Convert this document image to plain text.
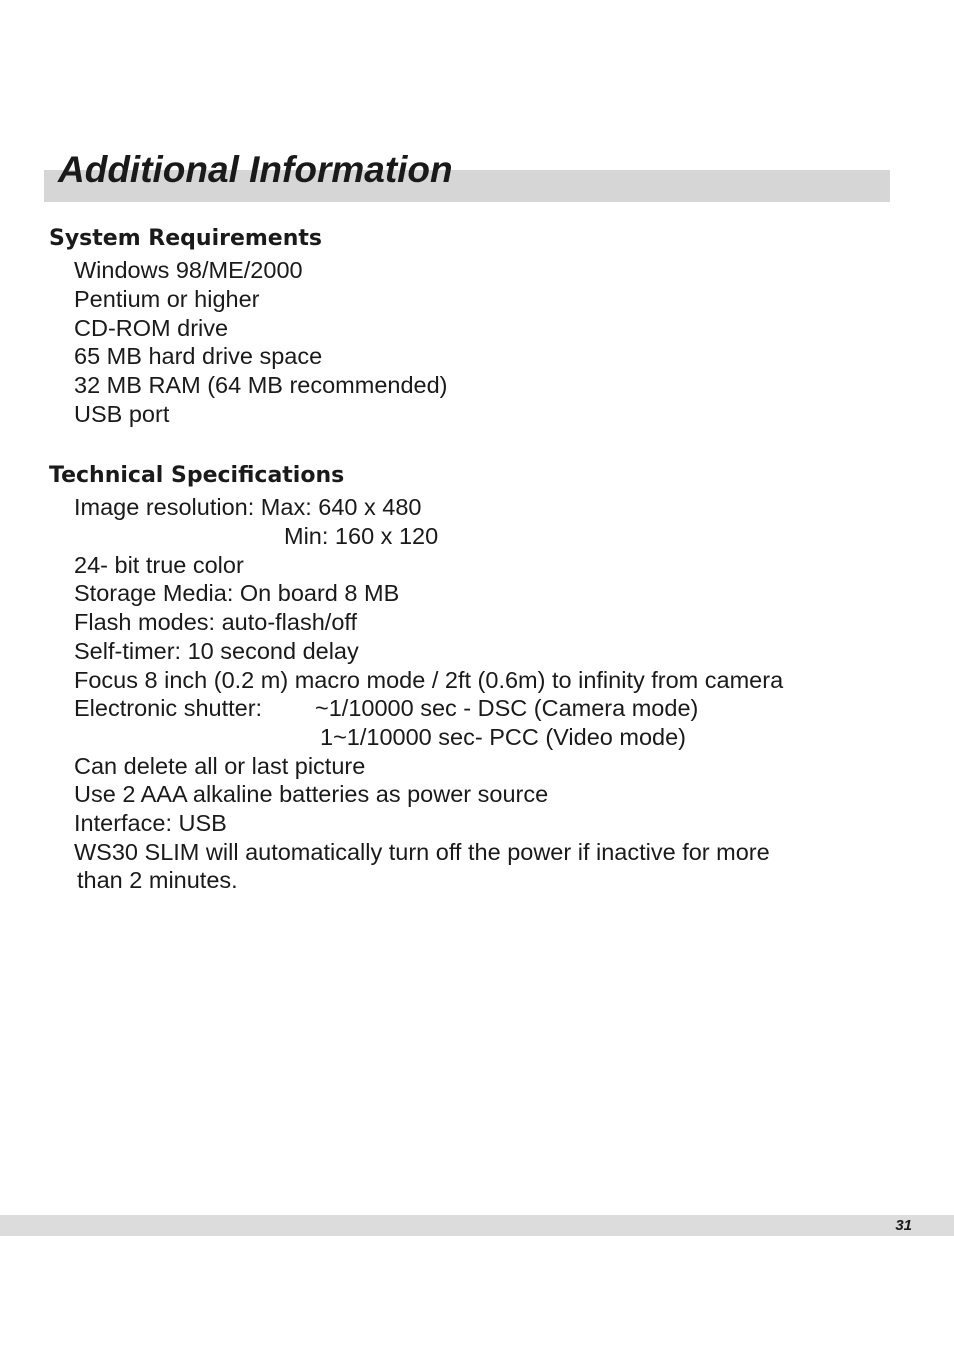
Additional Information
System Requirements

Windows 98/ME/2000

Pentium or higher

CD-ROM drive

65 MB hard drive space

32 MB RAM (64 MB recommended)

USB port

Technical Specifications

Image resolution: Max: 640 x 480

Min: 160 x 120

24- bit true color

Storage Media: On board 8 MB

Flash modes: auto-flash/off

Self-timer: 10 second delay

Focus 8 inch (0.2 m) macro mode / 2ft (0.6m) to infinity from camera

Electronic shutter: ~1/10000 sec - DSC (Camera mode)

1~1/10000 sec- PCC (Video mode)

Can delete all or last picture

Use 2 AAA alkaline batteries as power source

Interface: USB

WS30 SLIM will automatically turn off the power if inactive for more

than 2 minutes.

31
